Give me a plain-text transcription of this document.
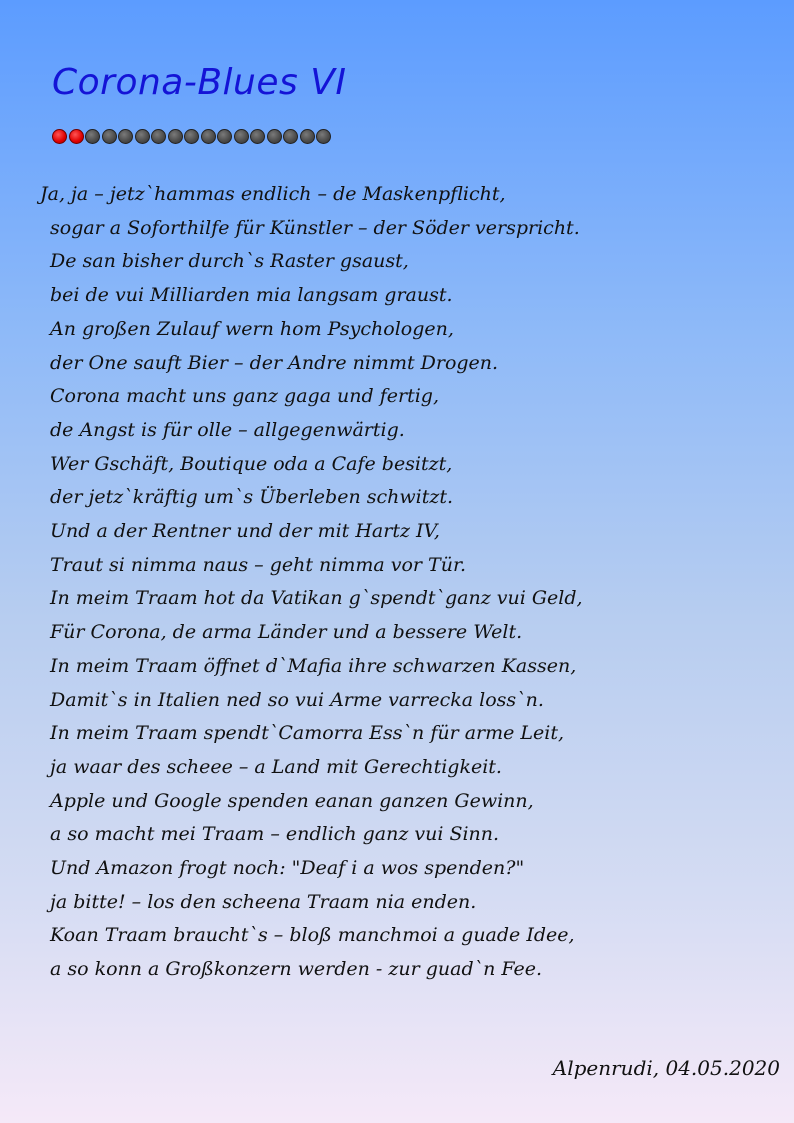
Corona-Blues VI
Ja, ja – jetz`hammas endlich – de Maskenpflicht,
sogar a Soforthilfe für Künstler – der Söder verspricht.
De san bisher durch`s Raster gsaust,
bei de vui Milliarden mia langsam graust.
An großen Zulauf wern hom Psychologen,
der One sauft Bier – der Andre nimmt Drogen.
Corona macht uns ganz gaga und fertig,
de Angst is für olle – allgegenwärtig.
Wer Gschäft, Boutique oda a Cafe besitzt,
der jetz`kräftig um`s Überleben schwitzt.
Und a der Rentner und der mit Hartz IV,
Traut si nimma naus – geht nimma vor Tür.
In meim Traam hot da Vatikan g`spendt`ganz vui Geld,
Für Corona, de arma Länder und a bessere Welt.
In meim Traam öffnet d`Mafia ihre schwarzen Kassen,
Damit`s in Italien ned so vui Arme varrecka loss`n.
In meim Traam spendt`Camorra Ess`n für arme Leit,
ja waar des scheee – a Land mit Gerechtigkeit.
Apple und Google spenden eanan ganzen Gewinn,
a so macht mei Traam – endlich ganz vui Sinn.
Und Amazon frogt noch: "Deaf i a wos spenden?"
ja bitte! – los den scheena Traam nia enden.
Koan Traam braucht`s – bloß manchmoi a guade Idee,
a so konn a Großkonzern werden - zur guad`n Fee.
Alpenrudi, 04.05.2020
